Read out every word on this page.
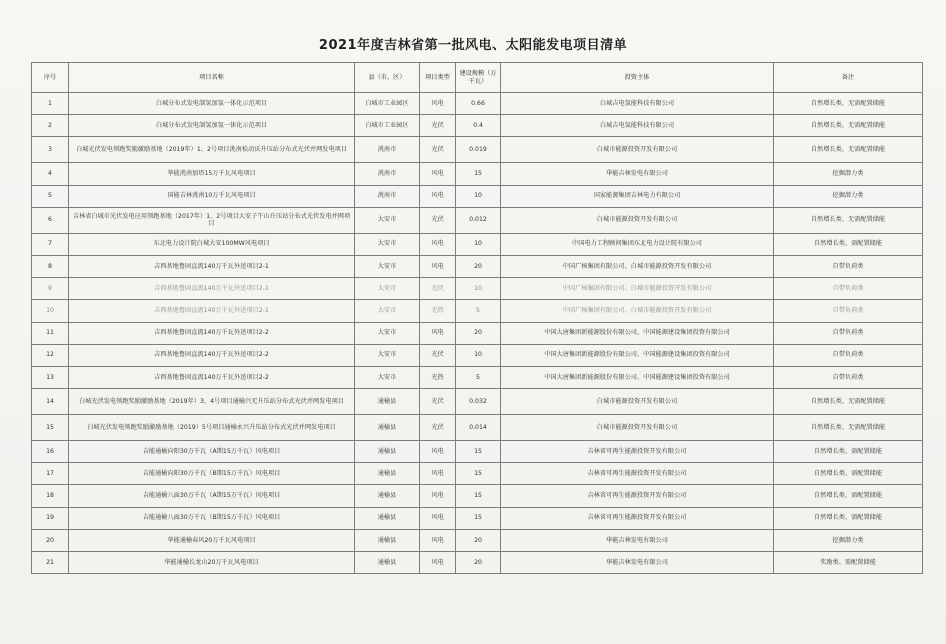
2021年度吉林省第一批风电、太阳能发电项目清单
序号	项目名称	县（市、区）	项目类型	建设规模（万千瓦）	投资主体	备注
1	白城分布式发电制氢加氢一体化示范项目	白城市工业园区	风电	0.66	白城吉电氢能科技有限公司	自然增长类、无需配置储能
2	白城分布式发电制氢加氢一体化示范项目	白城市工业园区	光伏	0.4	白城吉电氢能科技有限公司	自然增长类、无需配置储能
3	白城光伏发电领跑奖励激励基地（2019年）1、2号项目洮南松动沃升压站分布式光伏并网发电项目	洮南市	光伏	0.019	白城市能源投资开发有限公司	自然增长类、无需配置储能
4	华能洮南加塔15万千瓦风电项目	洮南市	风电	15	华能吉林发电有限公司	挖掘潜力类
5	国能吉林洮南10万千瓦风电项目	洮南市	风电	10	国家能源集团吉林电力有限公司	挖掘潜力类
6	吉林省白城市光伏发电应用领跑基地（2017年）1、2号项目大安子午山升压站分布式光伏发电并网项目	大安市	光伏	0.012	白城市能源投资开发有限公司	自然增长类、无需配置储能
7	东北电力设计院白城大安100MW风电项目	大安市	风电	10	中国电力工程顾问集团东北电力设计院有限公司	自然增长类、需配置储能
8	吉西基地鲁固直流140万千瓦外送项目2-1	大安市	风电	20	中国广核集团有限公司、白城市能源投资开发有限公司	自带负荷类
9	吉西基地鲁固直流140万千瓦外送项目2-1	大安市	光伏	10	中国广核集团有限公司、白城市能源投资开发有限公司	自带负荷类
10	吉西基地鲁固直流140万千瓦外送项目2-1	大安市	光热	5	中国广核集团有限公司、白城市能源投资开发有限公司	自带负荷类
11	吉西基地鲁固直流140万千瓦外送项目2-2	大安市	风电	20	中国大唐集团新能源股份有限公司、中国能源建设集团投资有限公司	自带负荷类
12	吉西基地鲁固直流140万千瓦外送项目2-2	大安市	光伏	10	中国大唐集团新能源股份有限公司、中国能源建设集团投资有限公司	自带负荷类
13	吉西基地鲁固直流140万千瓦外送项目2-2	大安市	光热	5	中国大唐集团新能源股份有限公司、中国能源建设集团投资有限公司	自带负荷类
14	白城光伏发电领跑奖励激励基地（2019年）3、4号项目通榆兴无升压站分布式光伏并网发电项目	通榆县	光伏	0.032	白城市能源投资开发有限公司	自然增长类、无需配置储能
15	白城光伏发电领跑奖励激励基地（2019）5号项目通榆永兴升压站分布式光伏并网发电项目	通榆县	光伏	0.014	白城市能源投资开发有限公司	自然增长类、无需配置储能
16	吉能通榆向阳30万千瓦（A期15万千瓦）风电项目	通榆县	风电	15	吉林省可再生能源投资开发有限公司	自然增长类、需配置储能
17	吉能通榆向阳30万千瓦（B期15万千瓦）风电项目	通榆县	风电	15	吉林省可再生能源投资开发有限公司	自然增长类、需配置储能
18	吉能通榆八面30万千瓦（A期15万千瓦）风电项目	通榆县	风电	15	吉林省可再生能源投资开发有限公司	自然增长类、需配置储能
19	吉能通榆八面30万千瓦（B期15万千瓦）风电项目	通榆县	风电	15	吉林省可再生能源投资开发有限公司	自然增长类、需配置储能
20	华能通榆春风20万千瓦风电项目	通榆县	风电	20	华能吉林发电有限公司	挖掘潜力类
21	华能通榆长龙山20万千瓦风电项目	通榆县	风电	20	华能吉林发电有限公司	奖励类、需配置储能
